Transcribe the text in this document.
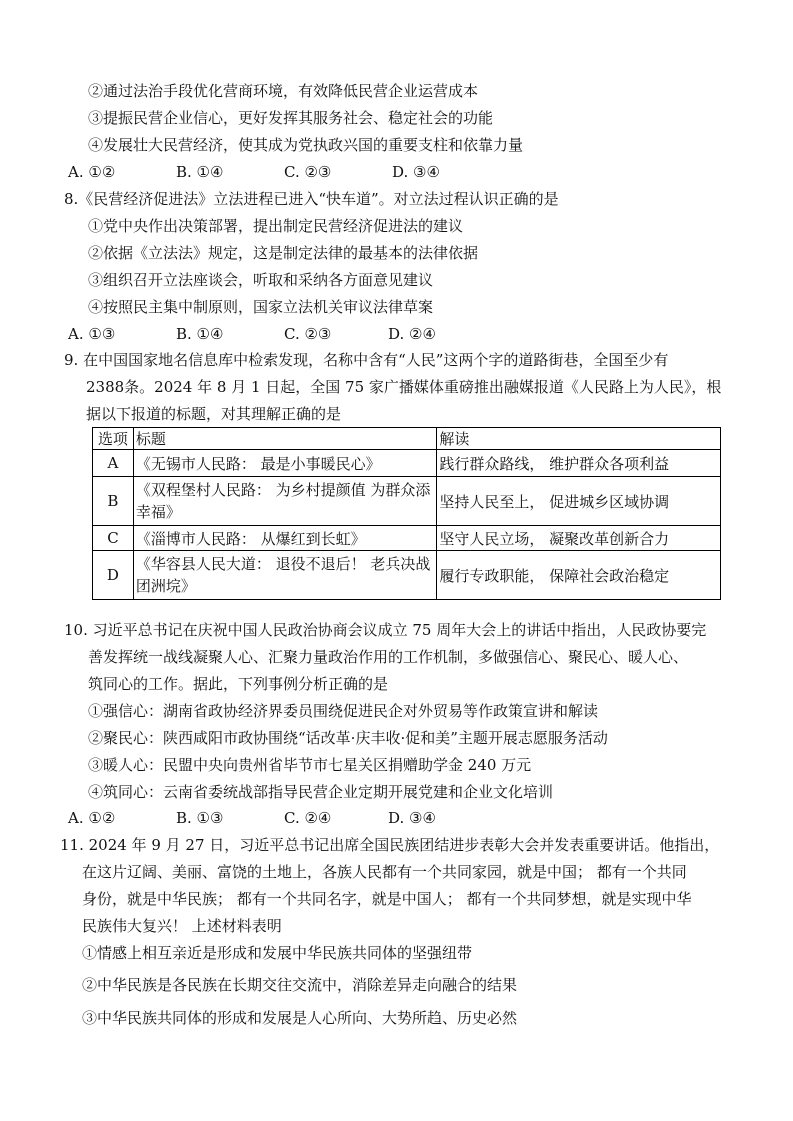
②通过法治手段优化营商环境，有效降低民营企业运营成本
③提振民营企业信心，更好发挥其服务社会、稳定社会的功能
④发展壮大民营经济，使其成为党执政兴国的重要支柱和依靠力量
A. ①②	B. ①④	C. ②③	D. ③④
8.《民营经济促进法》立法进程已进入“快车道”。对立法过程认识正确的是
①党中央作出决策部署，提出制定民营经济促进法的建议
②依据《立法法》规定，这是制定法律的最基本的法律依据
③组织召开立法座谈会，听取和采纳各方面意见建议
④按照民主集中制原则，国家立法机关审议法律草案
A. ①③	B. ①④	C. ②③	D. ②④
9. 在中国国家地名信息库中检索发现，名称中含有“人民”这两个字的道路街巷，全国至少有
2388条。2024 年 8 月 1 日起，全国 75 家广播媒体重磅推出融媒报道《人民路上为人民》，根
据以下报道的标题，对其理解正确的是
选项	标题	解读
A	《无锡市人民路： 最是小事暖民心》	践行群众路线， 维护群众各项利益
B	《双程堡村人民路： 为乡村提颜值 为群众添幸福》	坚持人民至上， 促进城乡区域协调
C	《淄博市人民路： 从爆红到长虹》	坚守人民立场， 凝聚改革创新合力
D	《华容县人民大道： 退役不退后！ 老兵决战团洲垸》	履行专政职能， 保障社会政治稳定
10. 习近平总书记在庆祝中国人民政治协商会议成立 75 周年大会上的讲话中指出，人民政协要完
善发挥统一战线凝聚人心、汇聚力量政治作用的工作机制，多做强信心、聚民心、暖人心、
筑同心的工作。据此，下列事例分析正确的是
①强信心：湖南省政协经济界委员围绕促进民企对外贸易等作政策宣讲和解读
②聚民心：陕西咸阳市政协围绕“话改革·庆丰收·促和美”主题开展志愿服务活动
③暖人心：民盟中央向贵州省毕节市七星关区捐赠助学金 240 万元
④筑同心：云南省委统战部指导民营企业定期开展党建和企业文化培训
A. ①②	B. ①③	C. ②④	D. ③④
11. 2024 年 9 月 27 日，习近平总书记出席全国民族团结进步表彰大会并发表重要讲话。他指出，
在这片辽阔、美丽、富饶的土地上，各族人民都有一个共同家园，就是中国； 都有一个共同
身份，就是中华民族； 都有一个共同名字，就是中国人； 都有一个共同梦想，就是实现中华
民族伟大复兴！ 上述材料表明
①情感上相互亲近是形成和发展中华民族共同体的坚强纽带
②中华民族是各民族在长期交往交流中，消除差异走向融合的结果
③中华民族共同体的形成和发展是人心所向、大势所趋、历史必然
